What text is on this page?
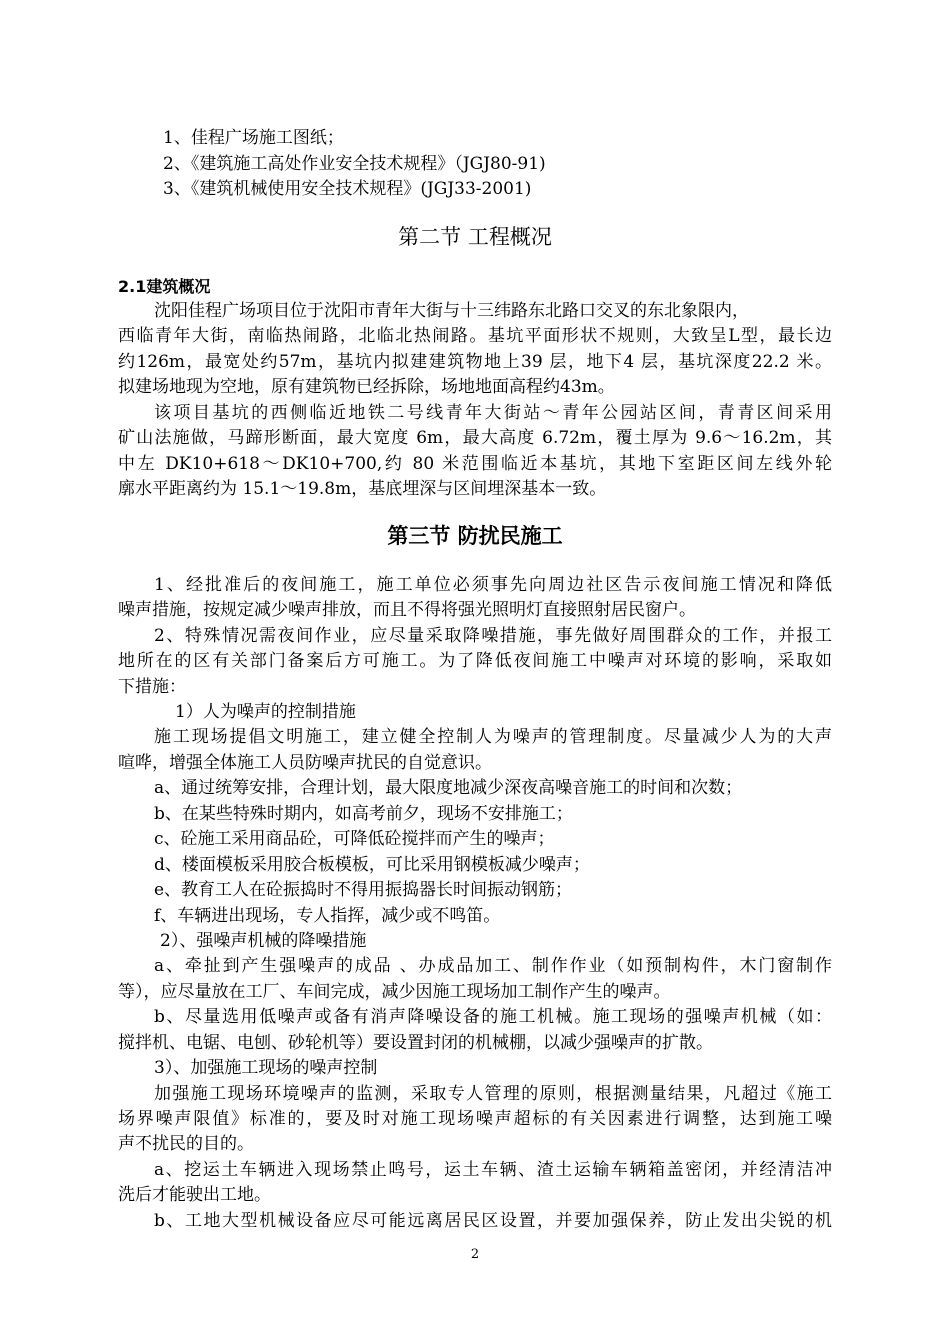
1、佳程广场施工图纸；
2、《建筑施工高处作业安全技术规程》（JGJ80-91)
3、《建筑机械使用安全技术规程》(JGJ33-2001)
第二节 工程概况
2.1建筑概况
沈阳佳程广场项目位于沈阳市青年大街与十三纬路东北路口交叉的东北象限内，
西临青年大街，南临热闹路，北临北热闹路。基坑平面形状不规则，大致呈L型，最长边
约126m，最宽处约57m，基坑内拟建建筑物地上39 层，地下4 层，基坑深度22.2 米。
拟建场地现为空地，原有建筑物已经拆除，场地地面高程约43m。
该项目基坑的西侧临近地铁二号线青年大街站～青年公园站区间，青青区间采用
矿山法施做，马蹄形断面，最大宽度 6m，最大高度 6.72m，覆土厚为 9.6～16.2m，其
中左 DK10+618～DK10+700,约 80 米范围临近本基坑，其地下室距区间左线外轮
廓水平距离约为 15.1～19.8m，基底埋深与区间埋深基本一致。
第三节 防扰民施工
1、经批准后的夜间施工，施工单位必须事先向周边社区告示夜间施工情况和降低
噪声措施，按规定减少噪声排放，而且不得将强光照明灯直接照射居民窗户。
2、特殊情况需夜间作业，应尽量采取降噪措施，事先做好周围群众的工作，并报工
地所在的区有关部门备案后方可施工。为了降低夜间施工中噪声对环境的影响，采取如
下措施：
1）人为噪声的控制措施
施工现场提倡文明施工，建立健全控制人为噪声的管理制度。尽量减少人为的大声
喧哗，增强全体施工人员防噪声扰民的自觉意识。
a、通过统筹安排，合理计划，最大限度地减少深夜高噪音施工的时间和次数；
b、在某些特殊时期内，如高考前夕，现场不安排施工；
c、砼施工采用商品砼，可降低砼搅拌而产生的噪声；
d、楼面模板采用胶合板模板，可比采用钢模板减少噪声；
e、教育工人在砼振捣时不得用振捣器长时间振动钢筋；
f、车辆进出现场，专人指挥，减少或不鸣笛。
2）、强噪声机械的降噪措施
a、牵扯到产生强噪声的成品 、办成品加工、制作作业（如预制构件，木门窗制作
等），应尽量放在工厂、车间完成，减少因施工现场加工制作产生的噪声。
b、尽量选用低噪声或备有消声降噪设备的施工机械。施工现场的强噪声机械（如：
搅拌机、电锯、电刨、砂轮机等）要设置封闭的机械棚，以减少强噪声的扩散。
3）、加强施工现场的噪声控制
加强施工现场环境噪声的监测，采取专人管理的原则，根据测量结果，凡超过《施工
场界噪声限值》标准的，要及时对施工现场噪声超标的有关因素进行调整，达到施工噪
声不扰民的目的。
a、挖运土车辆进入现场禁止鸣号，运土车辆、渣土运输车辆箱盖密闭，并经清洁冲
洗后才能驶出工地。
b、工地大型机械设备应尽可能远离居民区设置，并要加强保养，防止发出尖锐的机
2
